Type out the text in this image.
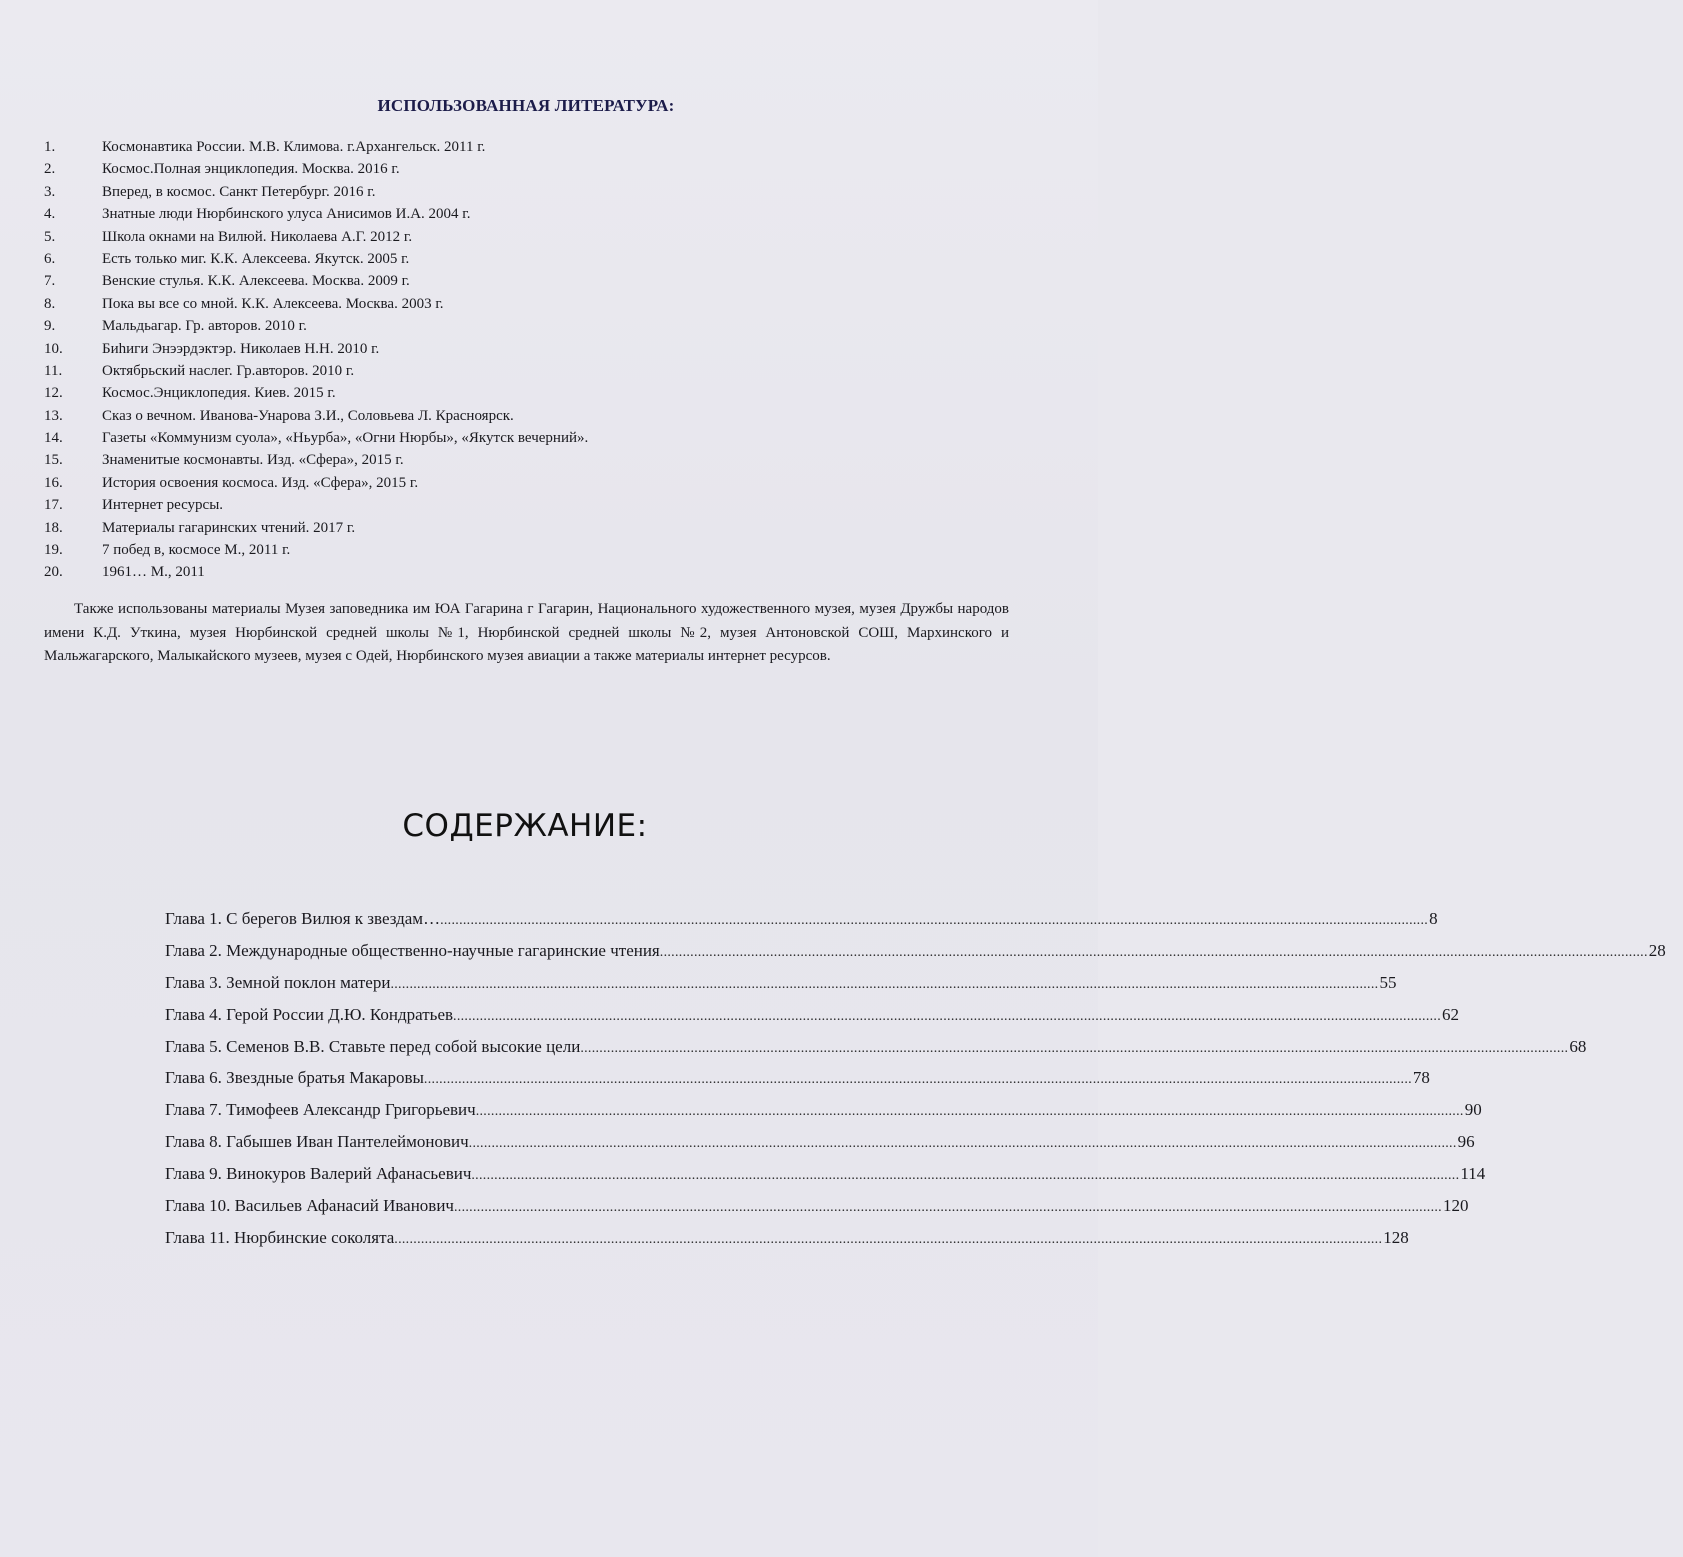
ИСПОЛЬЗОВАННАЯ ЛИТЕРАТУРА:
1.	Космонавтика России. М.В. Климова. г.Архангельск. 2011 г.
2.	Космос.Полная энциклопедия. Москва. 2016 г.
3.	Вперед, в космос. Санкт Петербург. 2016 г.
4.	Знатные люди Нюрбинского улуса Анисимов И.А. 2004 г.
5.	Школа окнами на Вилюй. Николаева А.Г. 2012 г.
6.	Есть только миг. К.К. Алексеева. Якутск. 2005 г.
7.	Венские стулья. К.К. Алексеева. Москва. 2009 г.
8.	Пока вы все со мной. К.К. Алексеева. Москва. 2003 г.
9.	Мальдьагар. Гр. авторов. 2010 г.
10.	Биhиги Энээрдэктэр. Николаев Н.Н. 2010 г.
11.	Октябрьский наслег. Гр.авторов. 2010 г.
12.	Космос.Энциклопедия. Киев. 2015 г.
13.	Сказ о вечном. Иванова-Унарова З.И., Соловьева Л. Красноярск.
14.	Газеты «Коммунизм суола», «Ньурба», «Огни Нюрбы», «Якутск вечерний».
15.	Знаменитые космонавты. Изд. «Сфера», 2015 г.
16.	История освоения космоса. Изд. «Сфера», 2015 г.
17.	Интернет ресурсы.
18.	Материалы гагаринских чтений. 2017 г.
19.	7 побед в, космосе М., 2011 г.
20.	1961… М., 2011

Также использованы материалы Музея заповедника им ЮА Гагарина г Гагарин, Национального художественного музея, музея Дружбы народов имени К.Д. Уткина, музея Нюрбинской средней школы №1, Нюрбинской средней школы №2, музея Антоновской СОШ, Мархинского и Мальжагарского, Малыкайского музеев, музея с Одей, Нюрбинского музея авиации а также материалы интернет ресурсов.

СОДЕРЖАНИЕ:
Глава 1. С берегов Вилюя к звездам… .................................................................................................................................................................................................................................................................... 8
Глава 2. Международные общественно-научные гагаринские чтения .................................................................................................................................................................................................................................................................... 28
Глава 3. Земной поклон матери .................................................................................................................................................................................................................................................................... 55
Глава 4. Герой России Д.Ю. Кондратьев .................................................................................................................................................................................................................................................................... 62
Глава 5. Семенов В.В. Ставьте перед собой высокие цели .................................................................................................................................................................................................................................................................... 68
Глава 6. Звездные братья Макаровы .................................................................................................................................................................................................................................................................... 78
Глава 7. Тимофеев Александр Григорьевич .................................................................................................................................................................................................................................................................... 90
Глава 8. Габышев Иван Пантелеймонович .................................................................................................................................................................................................................................................................... 96
Глава 9. Винокуров Валерий Афанасьевич .................................................................................................................................................................................................................................................................... 114
Глава 10. Васильев Афанасий Иванович .................................................................................................................................................................................................................................................................... 120
Глава 11. Нюрбинские соколята .................................................................................................................................................................................................................................................................... 128
